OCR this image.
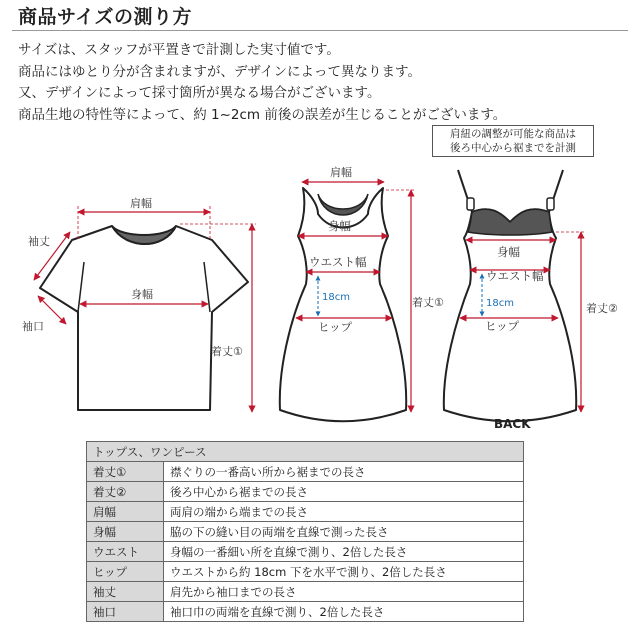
商品サイズの測り方
サイズは、スタッフが平置きで計測した実寸値です。
商品にはゆとり分が含まれますが、デザインによって異なります。
又、デザインによって採寸箇所が異なる場合がございます。
商品生地の特性等によって、約 1~2cm 前後の誤差が生じることがございます。
肩紐の調整が可能な商品は
後ろ中心から裾までを計測
肩幅
身幅
袖丈
袖口
着丈①
肩幅
身幅
ウエスト幅
18cm
ヒップ
着丈①
身幅
ウエスト幅
18cm
ヒップ
着丈②
BACK
トップス、ワンピース	
着丈①	襟ぐりの一番高い所から裾までの長さ
着丈②	後ろ中心から裾までの長さ
肩幅	両肩の端から端までの長さ
身幅	脇の下の縫い目の両端を直線で測った長さ
ウエスト	身幅の一番細い所を直線で測り、2倍した長さ
ヒップ	ウエストから約 18cm 下を水平で測り、2倍した長さ
袖丈	肩先から袖口までの長さ
袖口	袖口巾の両端を直線で測り、2倍した長さ
